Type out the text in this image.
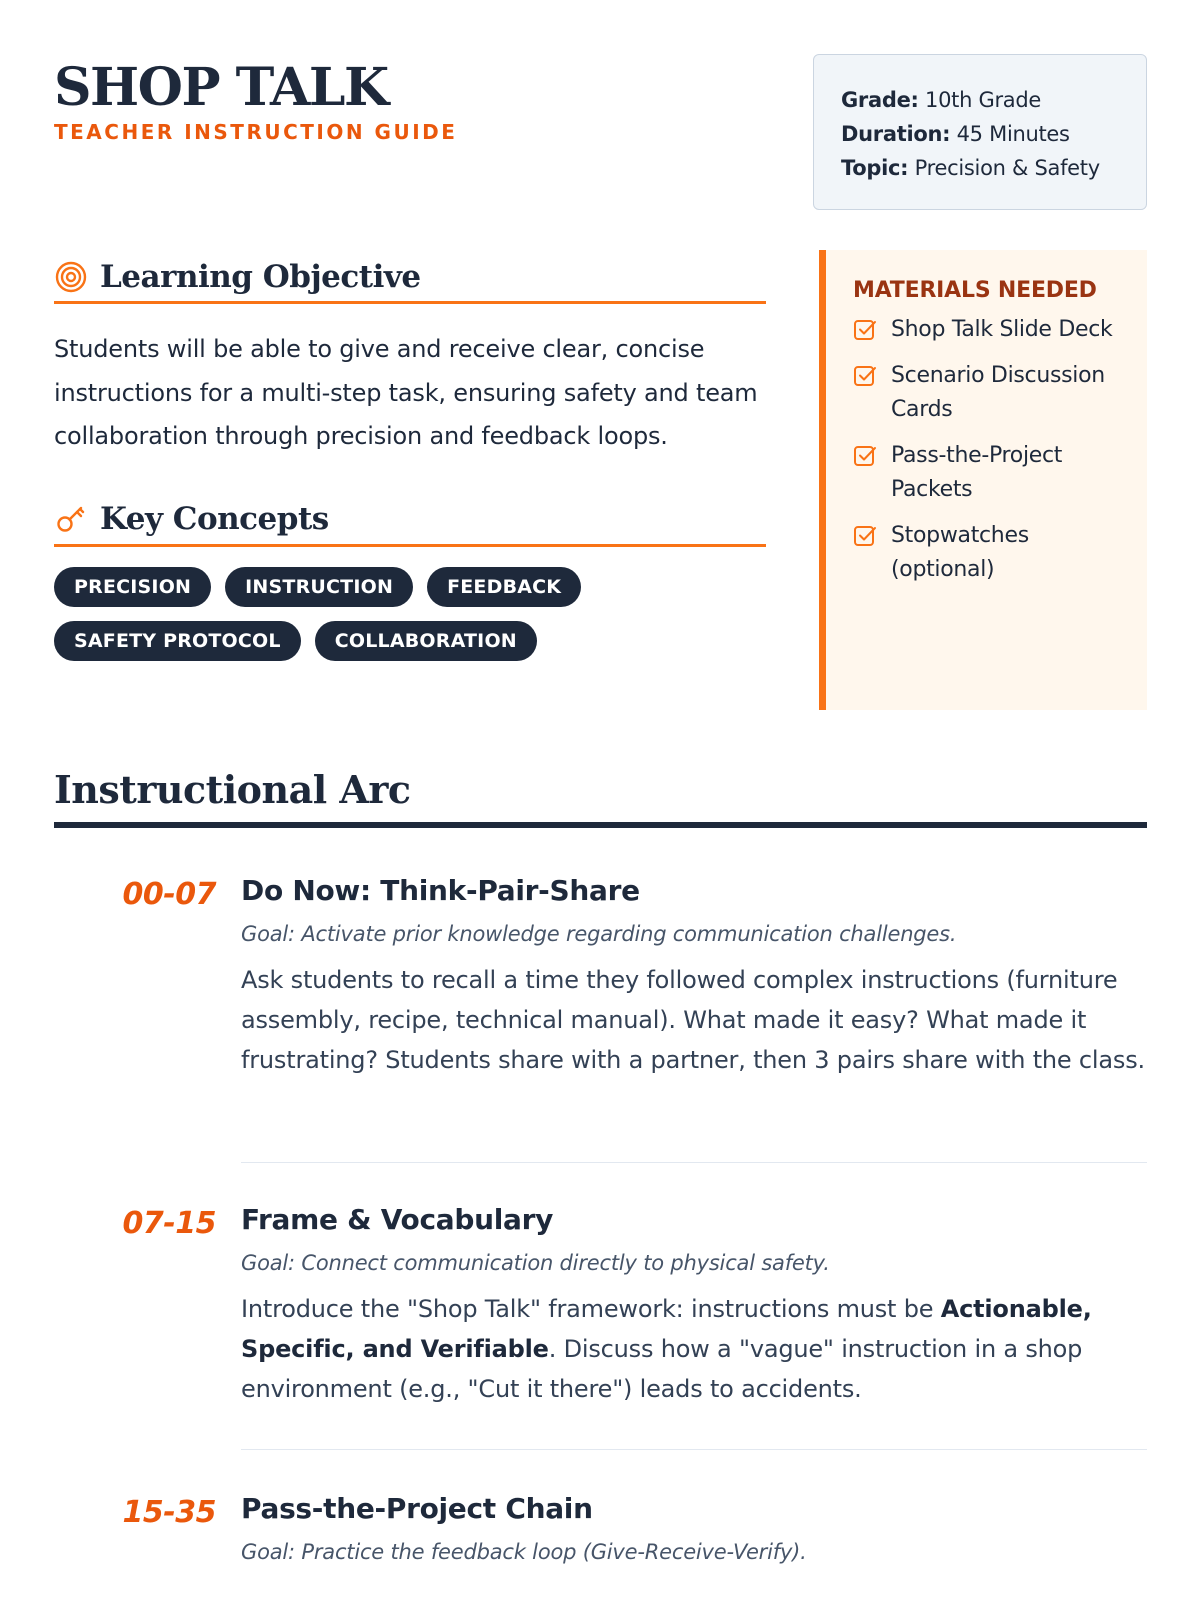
SHOP TALK
TEACHER INSTRUCTION GUIDE
Grade: 10th Grade
Duration: 45 Minutes
Topic: Precision & Safety
Learning Objective

Students will be able to give and receive clear, concise instructions for a multi-step task, ensuring safety and team collaboration through precision and feedback loops.

Key Concepts
PRECISION	INSTRUCTION	FEEDBACK
SAFETY PROTOCOL	COLLABORATION
MATERIALS NEEDED
Shop Talk Slide Deck
Scenario Discussion Cards
Pass-the-Project Packets
Stopwatches (optional)
Instructional Arc
00-07 Do Now: Think-Pair-Share
Goal: Activate prior knowledge regarding communication challenges.
Ask students to recall a time they followed complex instructions (furniture assembly, recipe, technical manual). What made it easy? What made it frustrating? Students share with a partner, then 3 pairs share with the class.
07-15 Frame & Vocabulary
Goal: Connect communication directly to physical safety.
Introduce the "Shop Talk" framework: instructions must be Actionable, Specific, and Verifiable. Discuss how a "vague" instruction in a shop environment (e.g., "Cut it there") leads to accidents.
15-35 Pass-the-Project Chain
Goal: Practice the feedback loop (Give-Receive-Verify).
